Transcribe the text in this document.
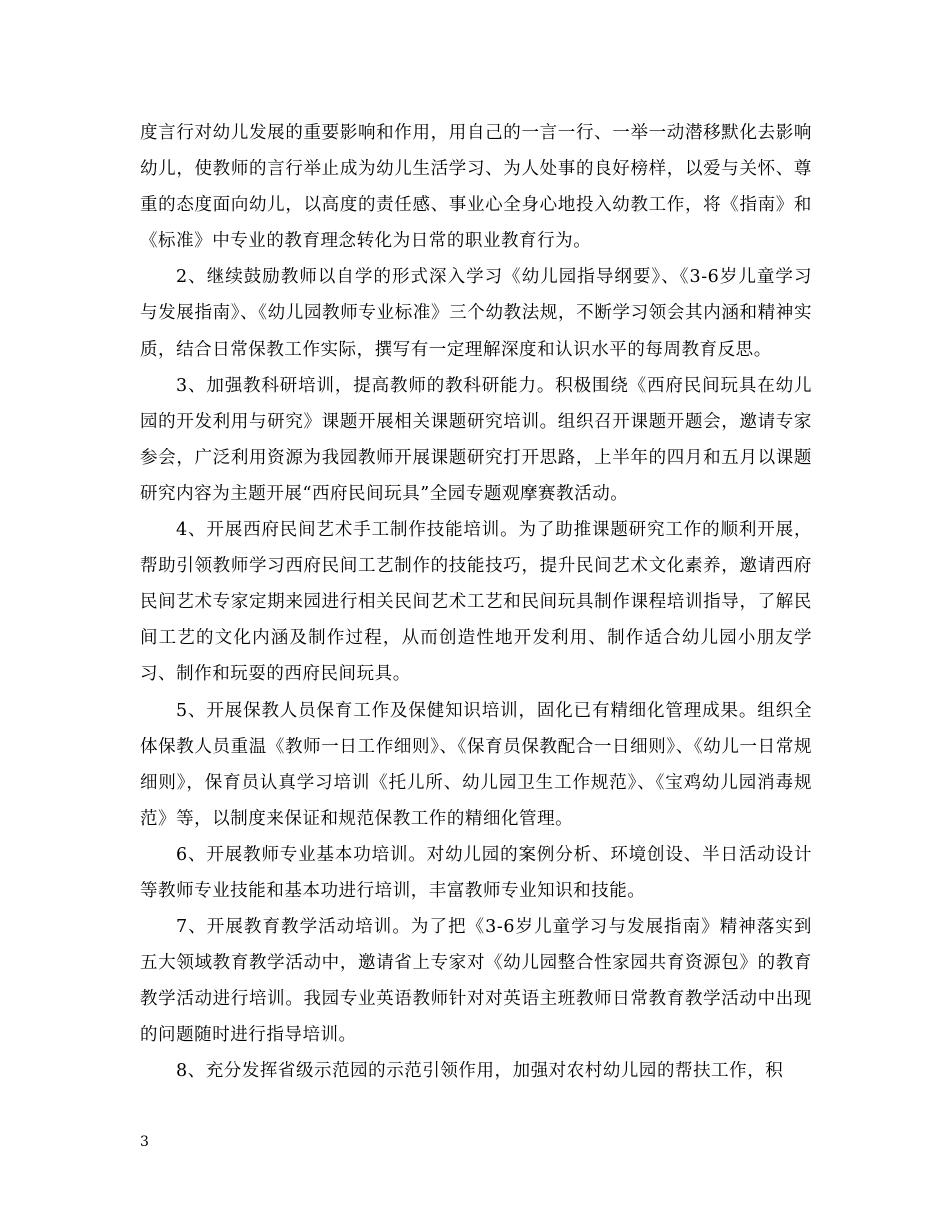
度言行对幼儿发展的重要影响和作用，用自己的一言一行、一举一动潜移默化去影响幼儿，使教师的言行举止成为幼儿生活学习、为人处事的良好榜样，以爱与关怀、尊重的态度面向幼儿，以高度的责任感、事业心全身心地投入幼教工作，将《指南》和《标准》中专业的教育理念转化为日常的职业教育行为。

2、继续鼓励教师以自学的形式深入学习《幼儿园指导纲要》、《3-6岁儿童学习与发展指南》、《幼儿园教师专业标准》三个幼教法规，不断学习领会其内涵和精神实质，结合日常保教工作实际，撰写有一定理解深度和认识水平的每周教育反思。

3、加强教科研培训，提高教师的教科研能力。积极围绕《西府民间玩具在幼儿园的开发利用与研究》课题开展相关课题研究培训。组织召开课题开题会，邀请专家参会，广泛利用资源为我园教师开展课题研究打开思路，上半年的四月和五月以课题研究内容为主题开展“西府民间玩具”全园专题观摩赛教活动。

4、开展西府民间艺术手工制作技能培训。为了助推课题研究工作的顺利开展，帮助引领教师学习西府民间工艺制作的技能技巧，提升民间艺术文化素养，邀请西府民间艺术专家定期来园进行相关民间艺术工艺和民间玩具制作课程培训指导，了解民间工艺的文化内涵及制作过程，从而创造性地开发利用、制作适合幼儿园小朋友学习、制作和玩耍的西府民间玩具。

5、开展保教人员保育工作及保健知识培训，固化已有精细化管理成果。组织全体保教人员重温《教师一日工作细则》、《保育员保教配合一日细则》、《幼儿一日常规细则》，保育员认真学习培训《托儿所、幼儿园卫生工作规范》、《宝鸡幼儿园消毒规范》等，以制度来保证和规范保教工作的精细化管理。

6、开展教师专业基本功培训。对幼儿园的案例分析、环境创设、半日活动设计等教师专业技能和基本功进行培训，丰富教师专业知识和技能。

7、开展教育教学活动培训。为了把《3-6岁儿童学习与发展指南》精神落实到五大领域教育教学活动中，邀请省上专家对《幼儿园整合性家园共育资源包》的教育教学活动进行培训。我园专业英语教师针对对英语主班教师日常教育教学活动中出现的问题随时进行指导培训。

8、充分发挥省级示范园的示范引领作用，加强对农村幼儿园的帮扶工作，积

3
